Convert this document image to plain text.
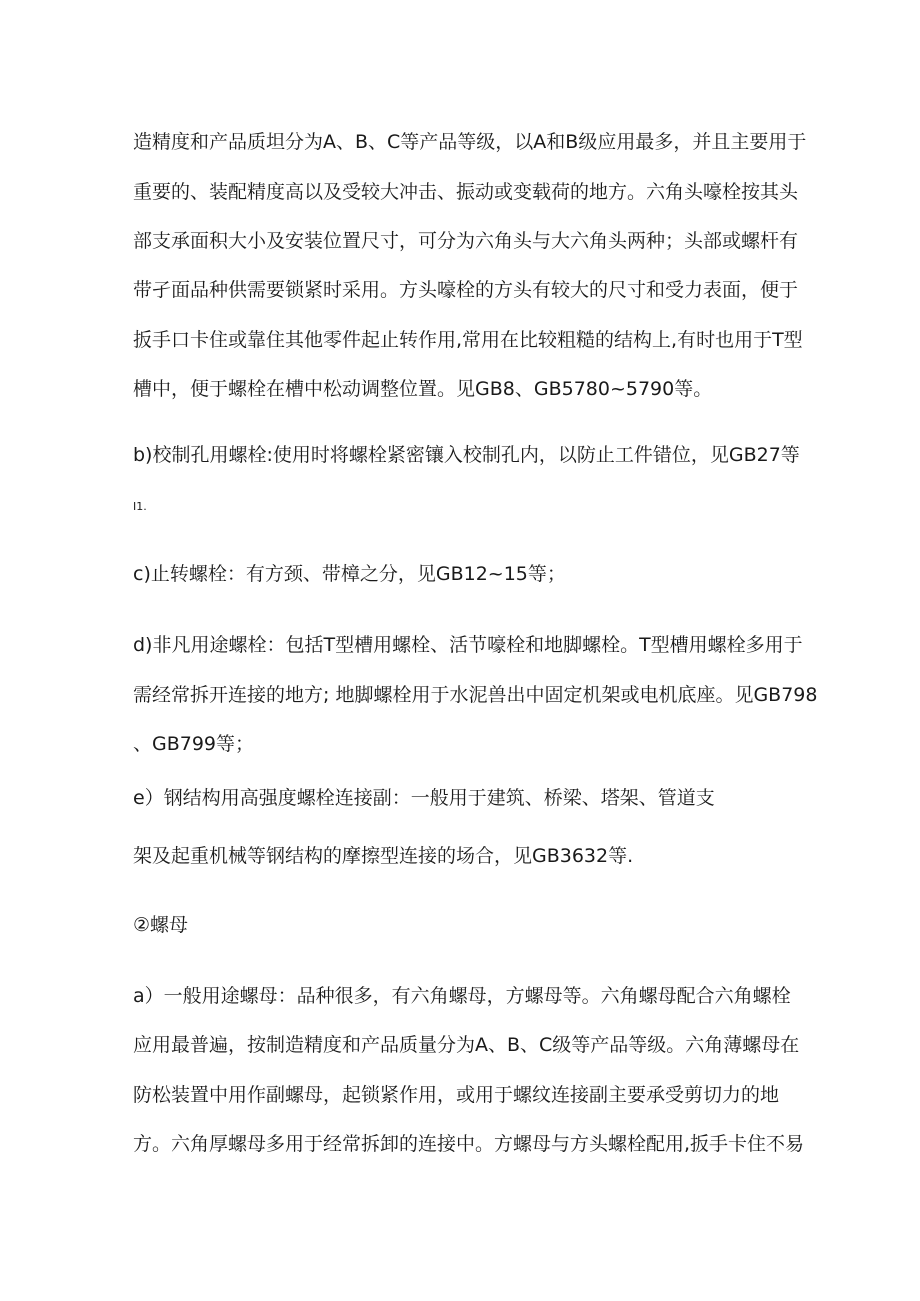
造精度和产品质坦分为A、B、C等产品等级，以A和B级应用最多，并且主要用于
重要的、装配精度高以及受较大冲击、振动或变载荷的地方。六角头嚎栓按其头
部支承面积大小及安装位置尺寸，可分为六角头与大六角头两种；头部或螺杆有
带孑面品种供需要锁紧时采用。方头嚎栓的方头有较大的尺寸和受力表面，便于
扳手口卡住或靠住其他零件起止转作用,常用在比较粗糙的结构上,有时也用于T型
槽中，便于螺栓在槽中松动调整位置。见GB8、GB5780~5790等。
b)校制孔用螺栓:使用时将螺栓紧密镶入校制孔内，以防止工件错位，见GB27等
I1.
c)止转螺栓：有方颈、带樟之分，见GB12~15等；
d)非凡用途螺栓：包括T型槽用螺栓、活节嚎栓和地脚螺栓。T型槽用螺栓多用于
需经常拆开连接的地方; 地脚螺栓用于水泥兽出中固定机架或电机底座。见GB798
、GB799等；
e）钢结构用高强度螺栓连接副：一般用于建筑、桥梁、塔架、管道支
架及起重机械等钢结构的摩擦型连接的场合，见GB3632等.
②螺母
a）一般用途螺母：品种很多，有六角螺母，方螺母等。六角螺母配合六角螺栓
应用最普遍，按制造精度和产品质量分为A、B、C级等产品等级。六角薄螺母在
防松装置中用作副螺母，起锁紧作用，或用于螺纹连接副主要承受剪切力的地
方。六角厚螺母多用于经常拆卸的连接中。方螺母与方头螺栓配用,扳手卡住不易
